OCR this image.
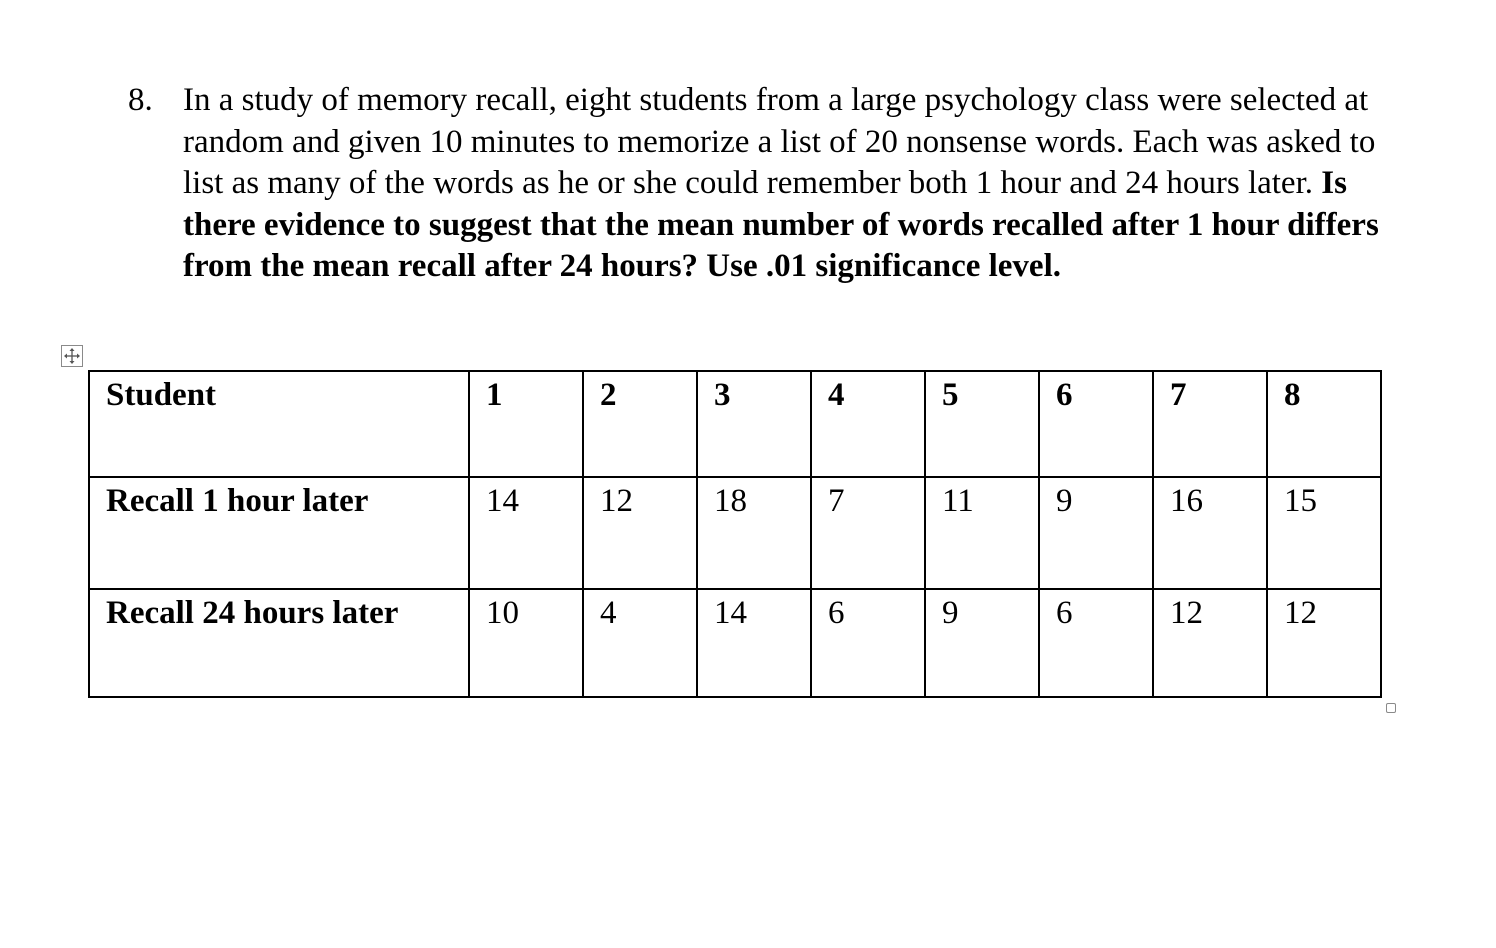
8. In a study of memory recall, eight students from a large psychology class were selected at random and given 10 minutes to memorize a list of 20 nonsense words. Each was asked to list as many of the words as he or she could remember both 1 hour and 24 hours later. Is there evidence to suggest that the mean number of words recalled after 1 hour differs from the mean recall after 24 hours? Use .01 significance level.
Student	1	2	3	4	5	6	7	8
Recall 1 hour later	14	12	18	7	11	9	16	15
Recall 24 hours later	10	4	14	6	9	6	12	12
